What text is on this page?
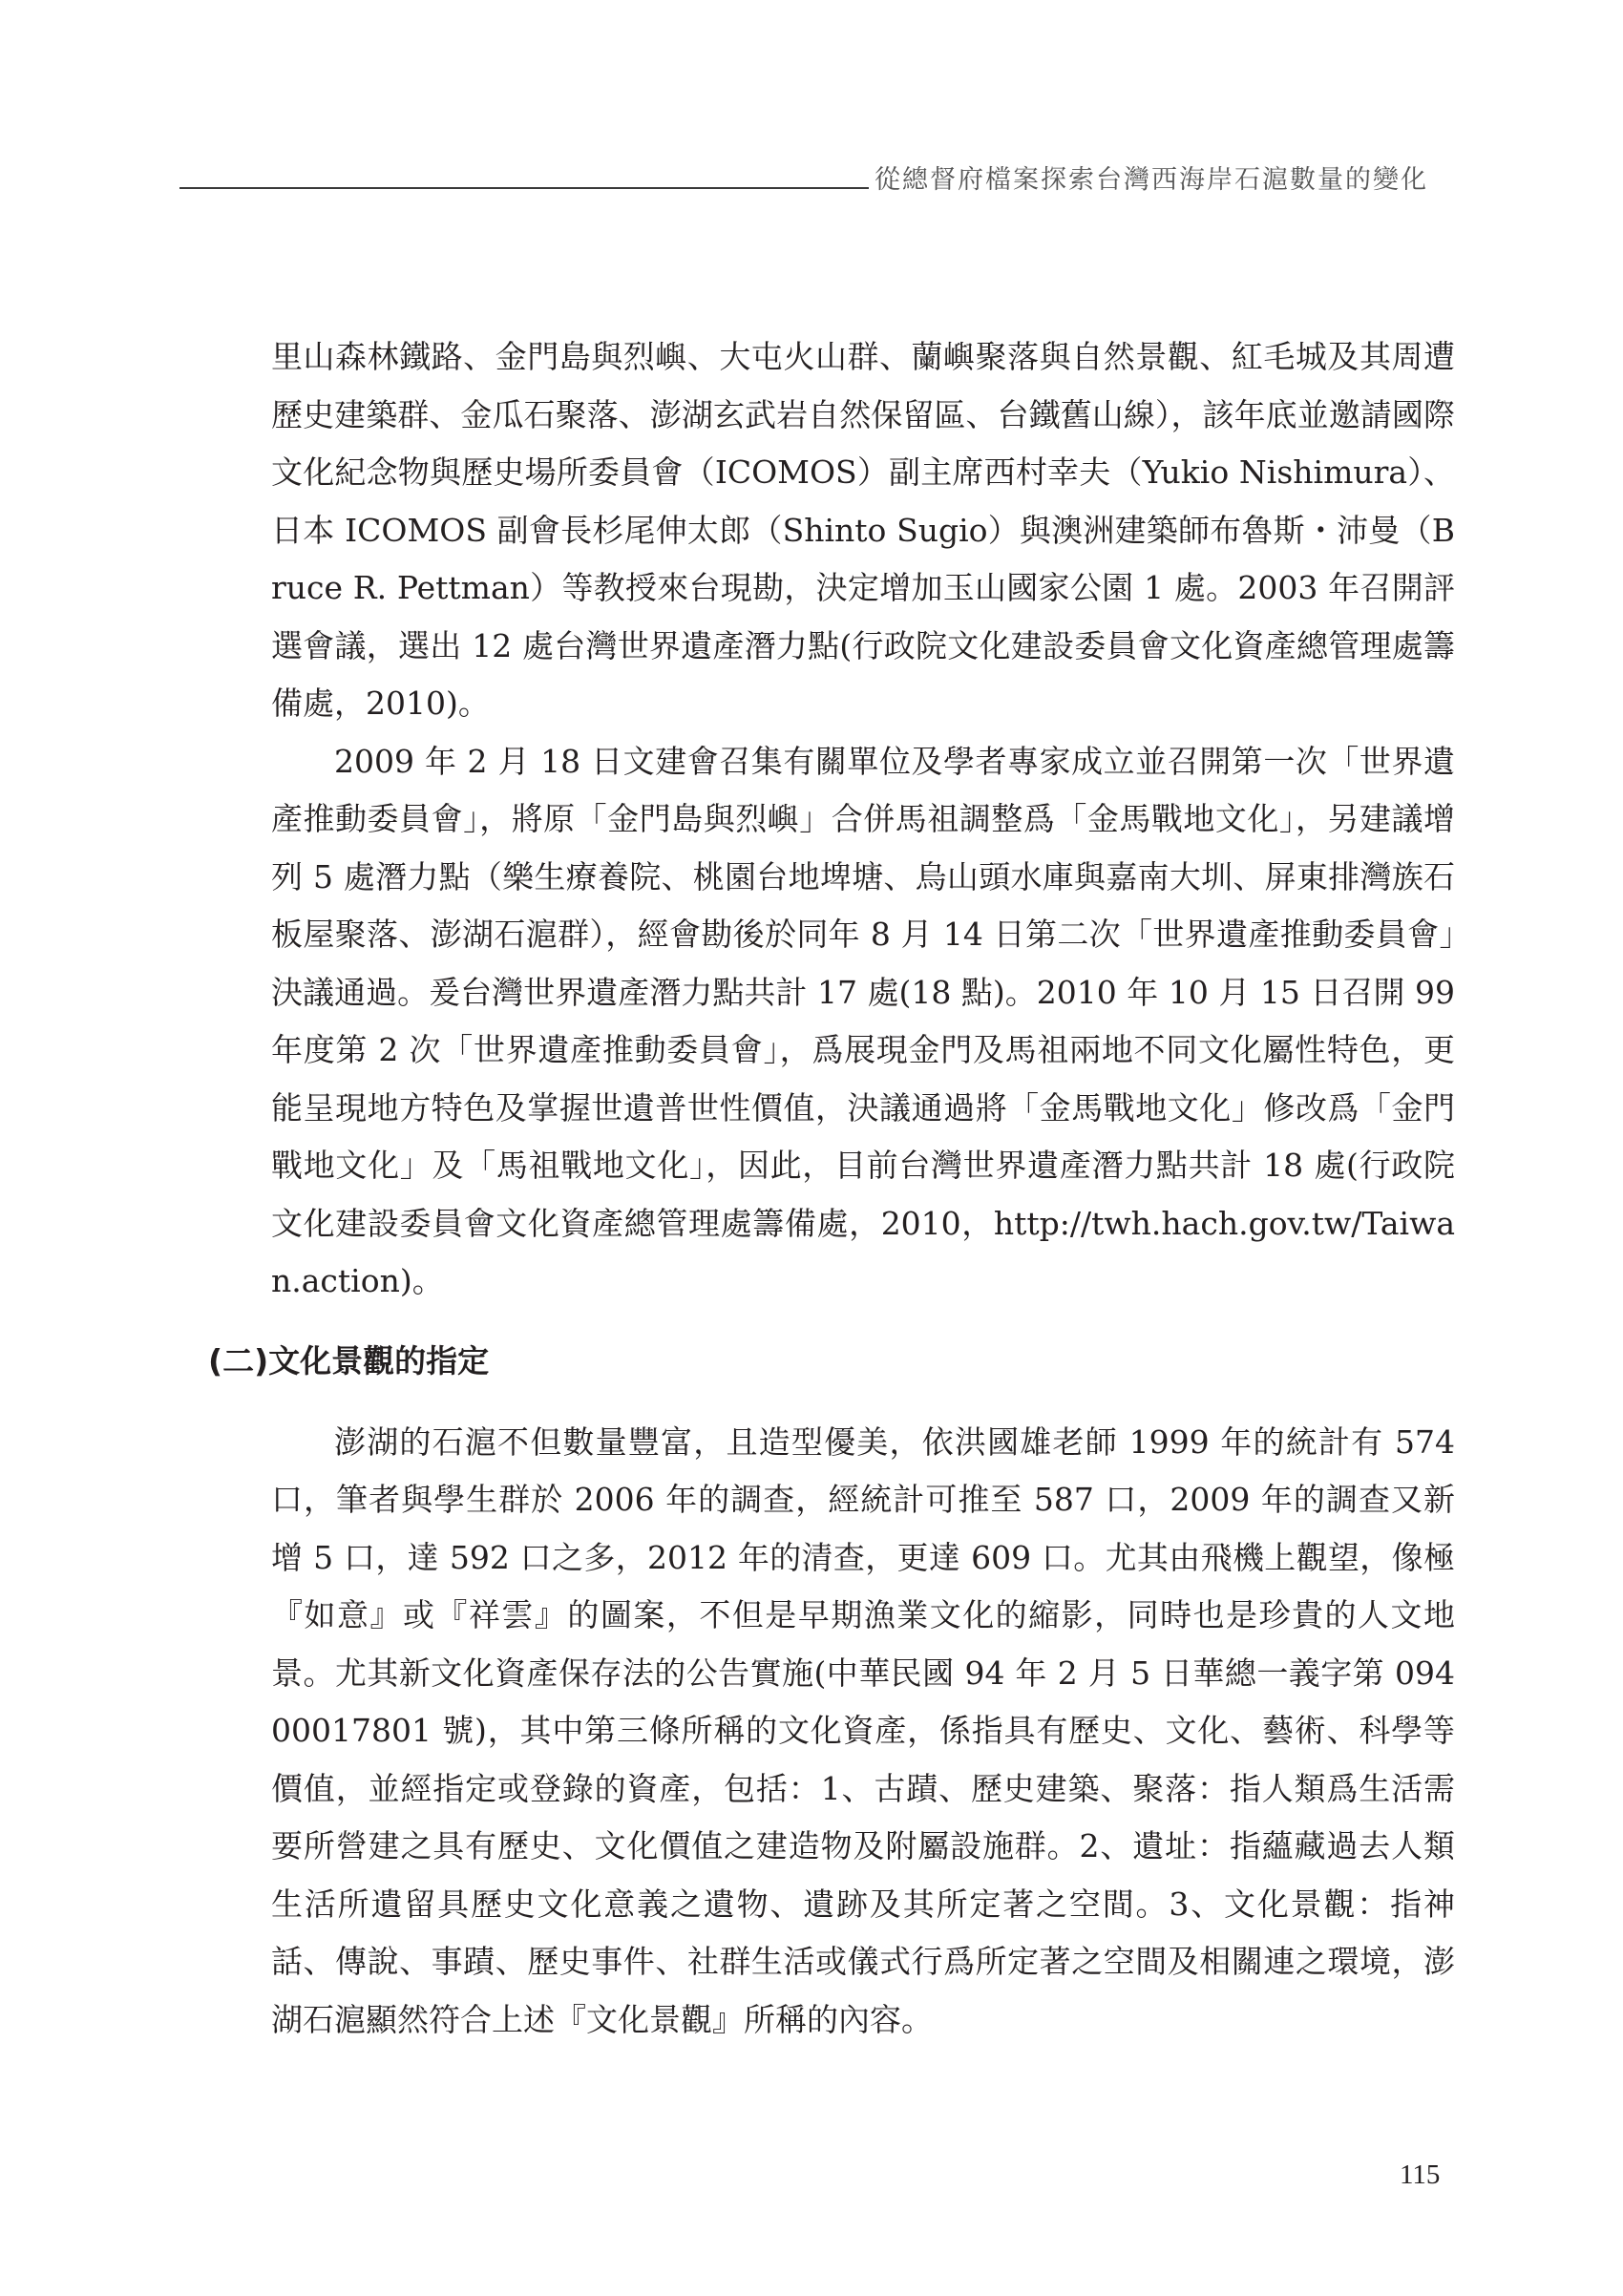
從總督府檔案探索台灣西海岸石滬數量的變化

里山森林鐵路、金門島與烈嶼、大屯火山群、蘭嶼聚落與自然景觀、紅毛城及其周遭歷史建築群、金瓜石聚落、澎湖玄武岩自然保留區、台鐵舊山線），該年底並邀請國際文化紀念物與歷史場所委員會（ICOMOS）副主席西村幸夫（Yukio Nishimura）、日本 ICOMOS 副會長杉尾伸太郎（Shinto Sugio）與澳洲建築師布魯斯・沛曼（Bruce R. Pettman）等教授來台現勘，決定增加玉山國家公園 1 處。2003 年召開評選會議，選出 12 處台灣世界遺產潛力點(行政院文化建設委員會文化資產總管理處籌備處，2010)。

2009 年 2 月 18 日文建會召集有關單位及學者專家成立並召開第一次「世界遺產推動委員會」，將原「金門島與烈嶼」合併馬祖調整爲「金馬戰地文化」，另建議增列 5 處潛力點（樂生療養院、桃園台地埤塘、烏山頭水庫與嘉南大圳、屏東排灣族石板屋聚落、澎湖石滬群），經會勘後於同年 8 月 14 日第二次「世界遺產推動委員會」決議通過。爰台灣世界遺產潛力點共計 17 處(18 點)。2010 年 10 月 15 日召開 99 年度第 2 次「世界遺產推動委員會」，爲展現金門及馬祖兩地不同文化屬性特色，更能呈現地方特色及掌握世遺普世性價值，決議通過將「金馬戰地文化」修改爲「金門戰地文化」及「馬祖戰地文化」，因此，目前台灣世界遺產潛力點共計 18 處(行政院文化建設委員會文化資產總管理處籌備處，2010，http://twh.hach.gov.tw/Taiwan.action)。

(二)文化景觀的指定

澎湖的石滬不但數量豐富，且造型優美，依洪國雄老師 1999 年的統計有 574 口，筆者與學生群於 2006 年的調查，經統計可推至 587 口，2009 年的調查又新增 5 口，達 592 口之多，2012 年的清查，更達 609 口。尤其由飛機上觀望，像極『如意』或『祥雲』的圖案，不但是早期漁業文化的縮影，同時也是珍貴的人文地景。尤其新文化資產保存法的公告實施(中華民國 94 年 2 月 5 日華總一義字第 09400017801 號)，其中第三條所稱的文化資產，係指具有歷史、文化、藝術、科學等價值，並經指定或登錄的資產，包括：1、古蹟、歷史建築、聚落：指人類爲生活需要所營建之具有歷史、文化價值之建造物及附屬設施群。2、遺址：指蘊藏過去人類生活所遺留具歷史文化意義之遺物、遺跡及其所定著之空間。3、文化景觀：指神話、傳說、事蹟、歷史事件、社群生活或儀式行爲所定著之空間及相關連之環境，澎湖石滬顯然符合上述『文化景觀』所稱的內容。

115
